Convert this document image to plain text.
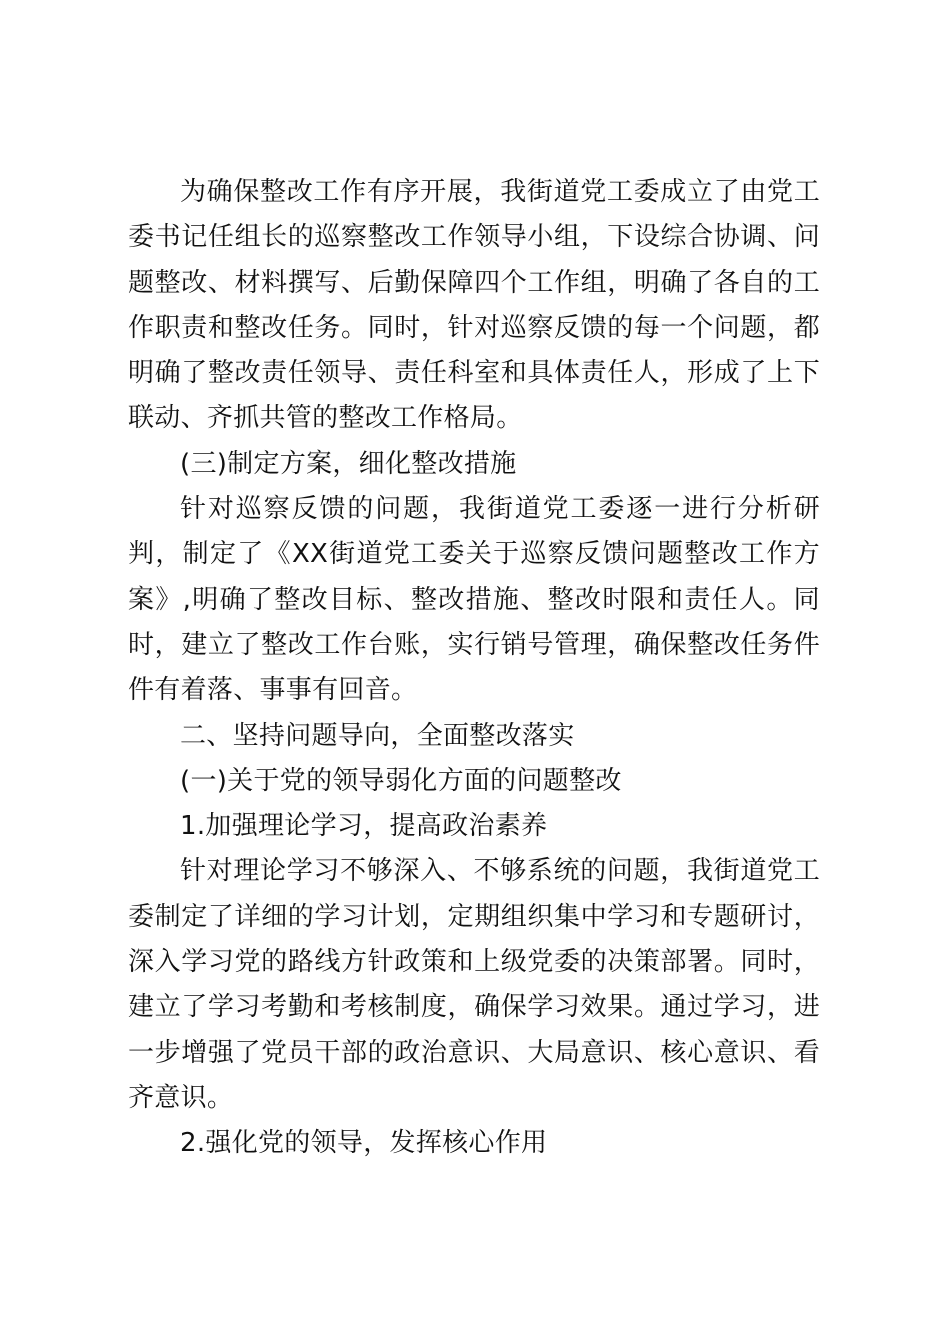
为确保整改工作有序开展，我街道党工委成立了由党工委书记任组长的巡察整改工作领导小组，下设综合协调、问题整改、材料撰写、后勤保障四个工作组，明确了各自的工作职责和整改任务。同时，针对巡察反馈的每一个问题，都明确了整改责任领导、责任科室和具体责任人，形成了上下联动、齐抓共管的整改工作格局。

(三)制定方案，细化整改措施

针对巡察反馈的问题，我街道党工委逐一进行分析研判，制定了《XX街道党工委关于巡察反馈问题整改工作方案》,明确了整改目标、整改措施、整改时限和责任人。同时，建立了整改工作台账，实行销号管理，确保整改任务件件有着落、事事有回音。

二、坚持问题导向，全面整改落实

(一)关于党的领导弱化方面的问题整改

1.加强理论学习，提高政治素养

针对理论学习不够深入、不够系统的问题，我街道党工委制定了详细的学习计划，定期组织集中学习和专题研讨，深入学习党的路线方针政策和上级党委的决策部署。同时，建立了学习考勤和考核制度，确保学习效果。通过学习，进一步增强了党员干部的政治意识、大局意识、核心意识、看齐意识。

2.强化党的领导，发挥核心作用
